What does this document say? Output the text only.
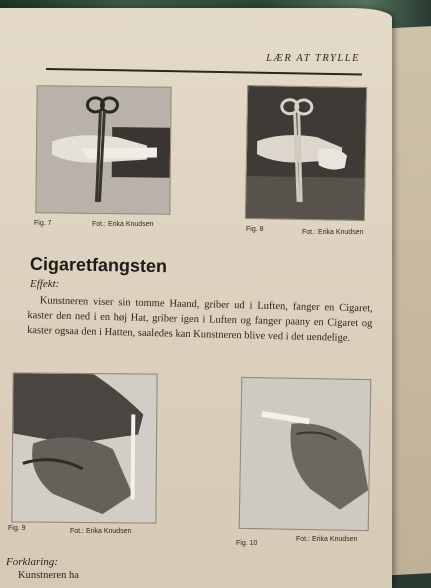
LÆR AT TRYLLE
Fig. 7	Fot.: Erika Knudsen
Fig. 8	Fot.: Erika Knudsen
Cigaretfangsten
Effekt:
Kunstneren viser sin tomme Haand, griber ud i Luften, fanger en Cigaret, kaster den ned i en høj Hat, griber igen i Luften og fanger paany en Cigaret og kaster ogsaa den i Hatten, saaledes kan Kunstneren blive ved i det uendelige.
Fig. 9	Fot.: Erika Knudsen
Fig. 10
Fot.: Erika Knudsen
Forklaring:
Kunstneren ha
